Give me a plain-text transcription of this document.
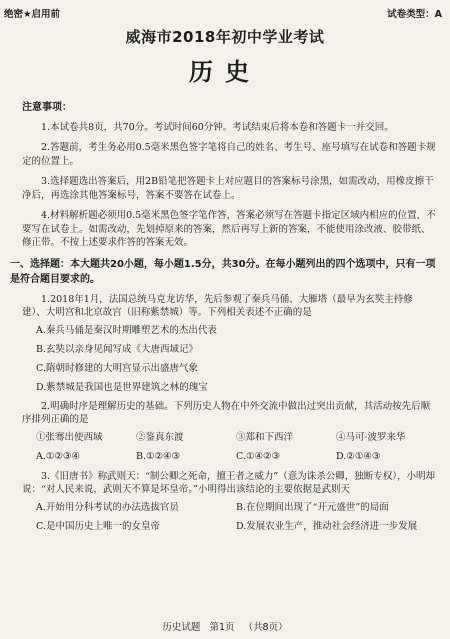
绝密★启用前	试卷类型：A
威海市2018年初中学业考试
历史
注意事项：

1.本试卷共8页，共70分。考试时间60分钟。考试结束后将本卷和答题卡一并交回。

2.答题前，考生务必用0.5毫米黑色签字笔将自己的姓名、考生号、座号填写在试卷和答题卡规定的位置上。

3.选择题选出答案后，用2B铅笔把答题卡上对应题目的答案标号涂黑，如需改动，用橡皮擦干净后，再选涂其他答案标号，答案不要答在试卷上。

4.材料解析题必须用0.5毫米黑色签字笔作答，答案必须写在答题卡指定区域内相应的位置，不要写在试卷上。如需改动，先划掉原来的答案，然后再写上新的答案，不能使用涂改液、胶带纸、修正带。不按上述要求作答的答案无效。

一、选择题：本大题共20小题，每小题1.5分，共30分。在每小题列出的四个选项中，只有一项是符合题目要求的。
1.2018年1月，法国总统马克龙访华，先后参观了秦兵马俑、大雁塔（最早为玄奘主持修建）、大明宫和北京故宫（旧称紫禁城）等。下列相关表述不正确的是
A.秦兵马俑是秦汉时期雕塑艺术的杰出代表
B.玄奘以亲身见闻写成《大唐西域记》
C.隋朝时修建的大明宫显示出盛唐气象
D.紫禁城是我国也是世界建筑之林的瑰宝
2.明确时序是理解历史的基础。下列历史人物在中外交流中做出过突出贡献，其活动按先后顺序排列正确的是
①张骞出使西域	②鉴真东渡	③郑和下西洋	④马可·波罗来华
A.①②③④	B.①②④③	C.①④②③	D.②①④③
3.《旧唐书》称武则天：“制公卿之死命，擅王者之威力”（意为诛杀公卿，独断专权），小明却说：“对人民来说，武则天不算是坏皇帝。”小明得出该结论的主要依据是武则天
A.开始用分科考试的办法选拔官员	B.在位期间出现了“开元盛世”的局面
C.是中国历史上唯一的女皇帝	D.发展农业生产，推动社会经济进一步发展
历史试题 第1页 （共8页）
